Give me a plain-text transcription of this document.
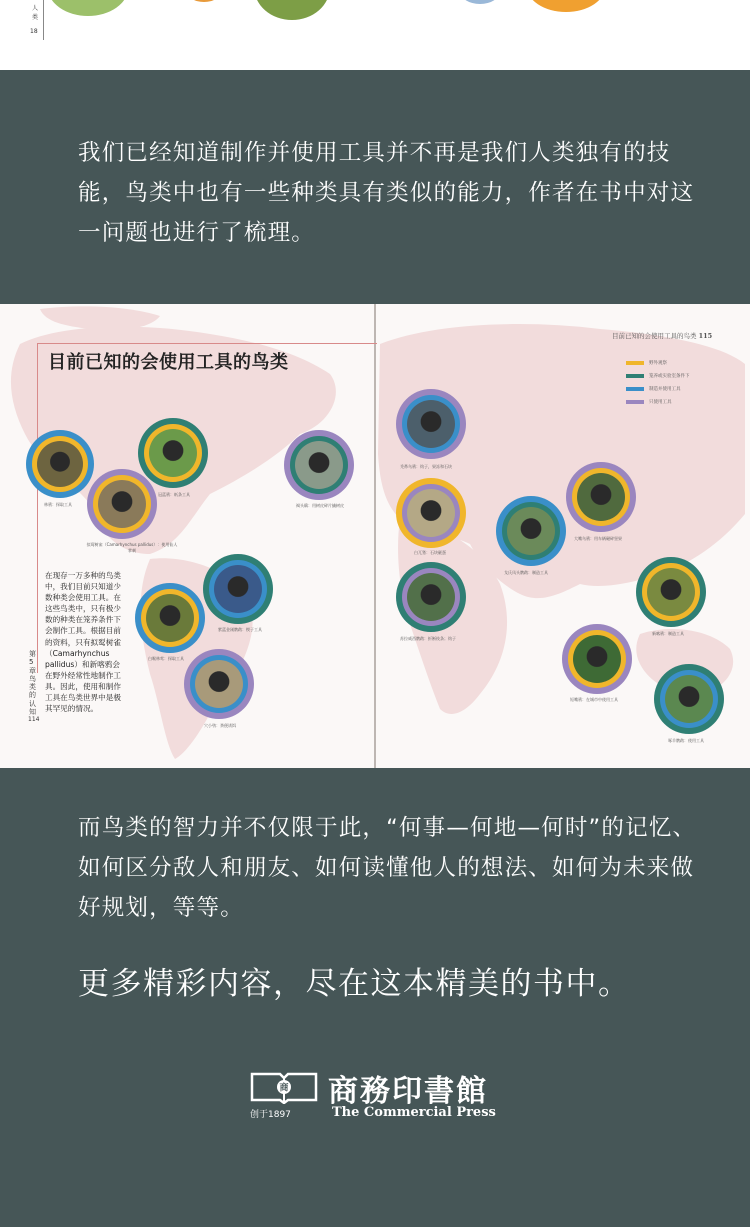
人类
18
我们已经知道制作并使用工具并不再是我们人类独有的技能，鸟类中也有一些种类具有类似的能力，作者在书中对这一问题也进行了梳理。
目前已知的会使用工具的鸟类
目前已知的会使用工具的鸟类 115
野外观察
笼养或实验室条件下
制造并使用工具
只使用工具
秃鼻乌鸦：钩子，果冻和石块
白兀鹫：石块砸蛋
苏拉威西鹦鹉：折断枝条；钩子
戈氏凤头鹦鹉：制造工具
大嘴乌鸦：用车辆碾碎坚果
新喀鸦：制造工具
短嘴鸦：在城市中使用工具
啄羊鹦鹉：使用工具
林鸦：探取工具
冠蓝鸦：纸条工具
拟䴕树雀（Camarhynchus pallidus）：使用仙人掌刺
褐头鳾：用树皮碎片撬树皮
紫蓝金刚鹦鹉：楔子工具
白喉林莺：探取工具
穴小鸮：粪便诱饵
在现存一万多种的鸟类中，我们目前只知道少数种类会使用工具。在这些鸟类中，只有极少数的种类在笼养条件下会制作工具。根据目前的资料，只有拟䴕树雀（Camarhynchus pallidus）和新喀鸦会在野外经常性地制作工具。因此，使用和制作工具在鸟类世界中是极其罕见的情况。
第5章 鸟类的认知
114
而鸟类的智力并不仅限于此，“何事—何地—何时”的记忆、如何区分敌人和朋友、如何读懂他人的想法、如何为未来做好规划，等等。
更多精彩内容，尽在这本精美的书中。
商 商務印書館
创于1897	The Commercial Press
